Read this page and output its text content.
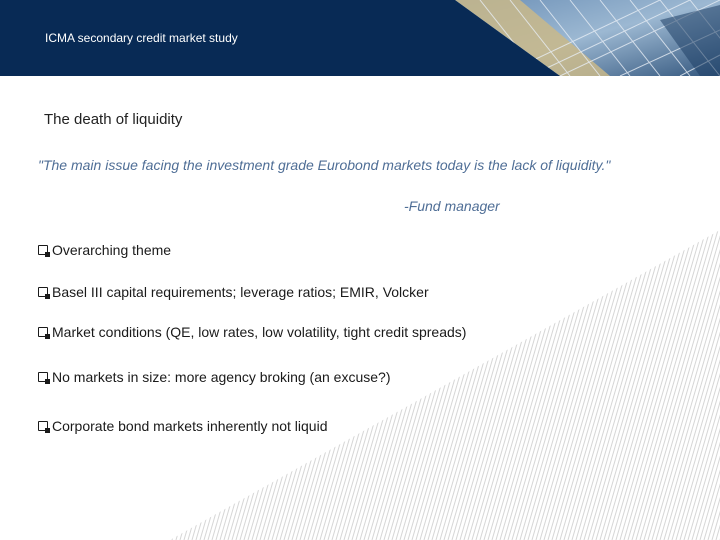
ICMA secondary credit market study
The death of liquidity
"The main issue facing the investment grade Eurobond markets today is the lack of liquidity."
-Fund manager
Overarching theme
Basel III capital requirements; leverage ratios; EMIR, Volcker
Market conditions (QE, low rates, low volatility, tight credit spreads)
No markets in size: more agency broking (an excuse?)
Corporate bond markets inherently not liquid
